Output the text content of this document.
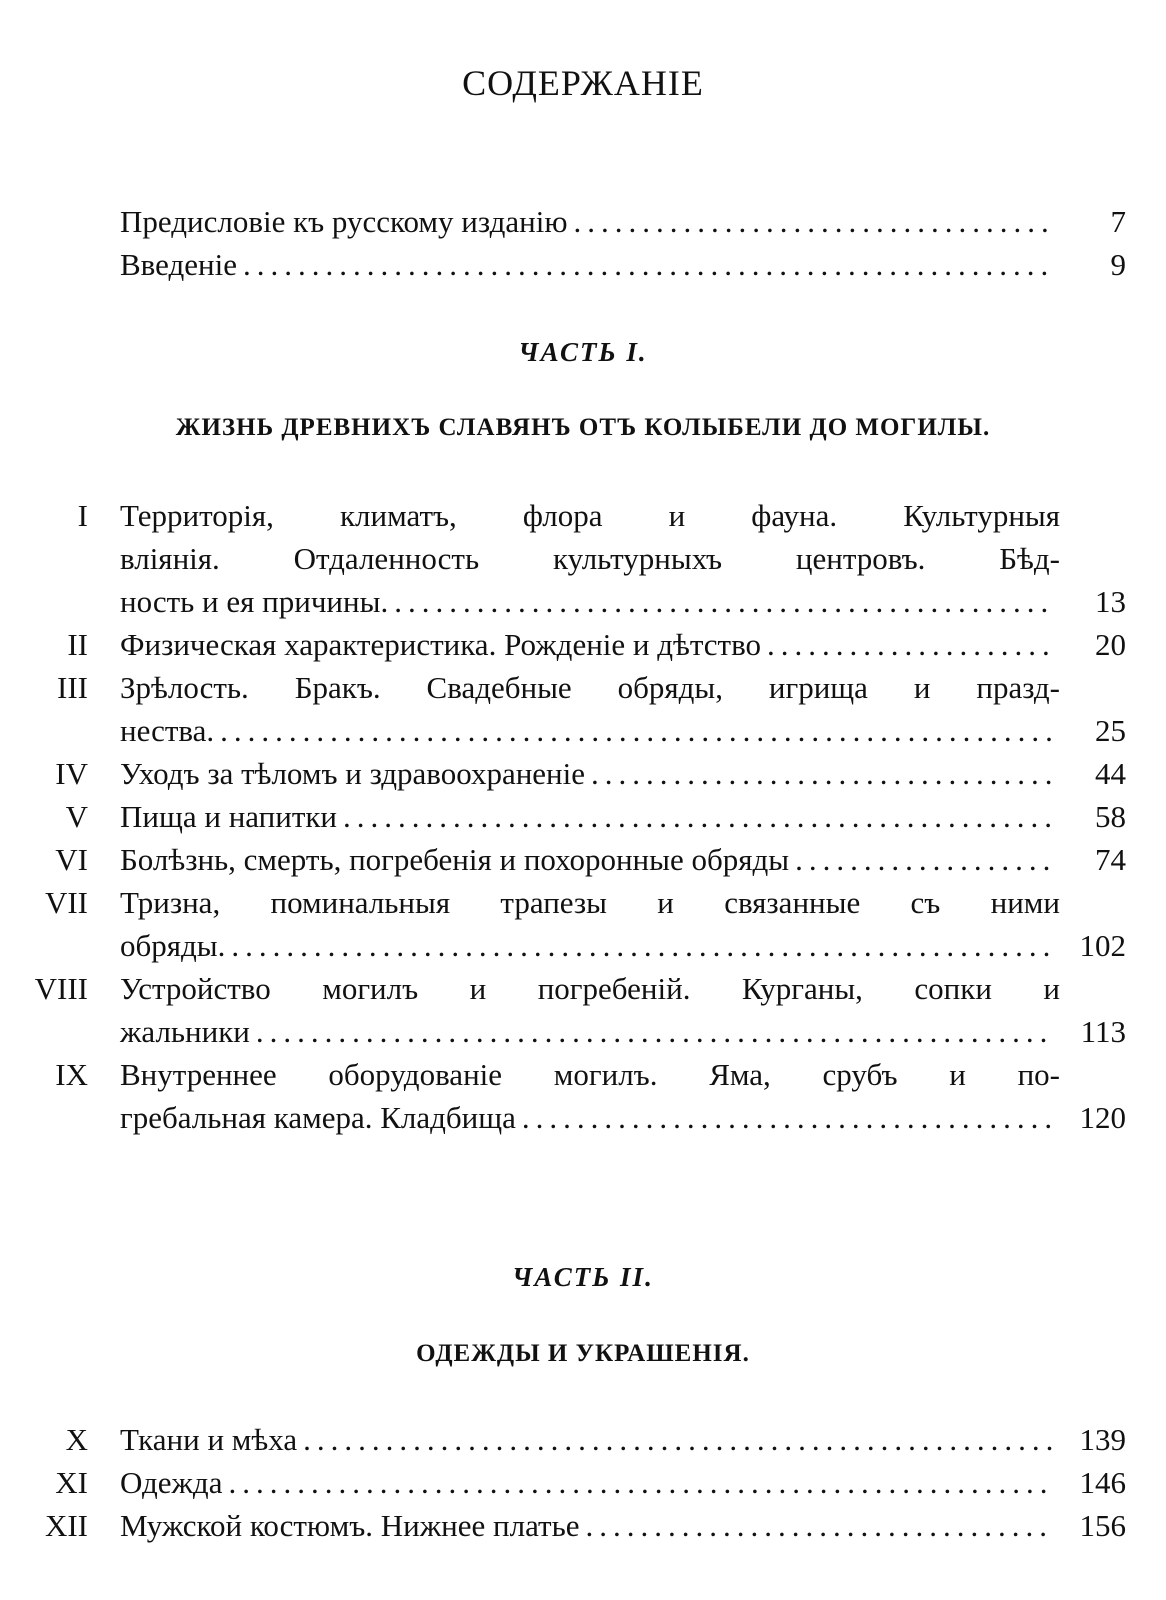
СОДЕРЖАНІЕ
Предисловіе къ русскому изданію .....	7
Введеніе .....	9
ЧАСТЬ I.
ЖИЗНЬ ДРЕВНИХЪ СЛАВЯНЪ ОТЪ КОЛЫБЕЛИ ДО МОГИЛЫ.
I Территорія, климатъ, флора и фауна. Культурныя
вліянія. Отдаленность культурныхъ центровъ. Бѣд-
ность и ея причины. .....	13
II Физическая характеристика. Рожденіе и дѣтство .....	20
III Зрѣлость. Бракъ. Свадебные обряды, игрища и празд-
нества. .....	25
IV Уходъ за тѣломъ и здравоохраненіе .....	44
V Пища и напитки .....	58
VI Болѣзнь, смерть, погребенія и похоронные обряды .....	74
VII Тризна, поминальныя трапезы и связанные съ ними
обряды. .....	102
VIII Устройство могилъ и погребеній. Курганы, сопки и
жальники .....	113
IX Внутреннее оборудованіе могилъ. Яма, срубъ и по-
гребальная камера. Кладбища .....	120
ЧАСТЬ II.
ОДЕЖДЫ И УКРАШЕНІЯ.
X Ткани и мѣха .....	139
XI Одежда .....	146
XII Мужской костюмъ. Нижнее платье .....	156
